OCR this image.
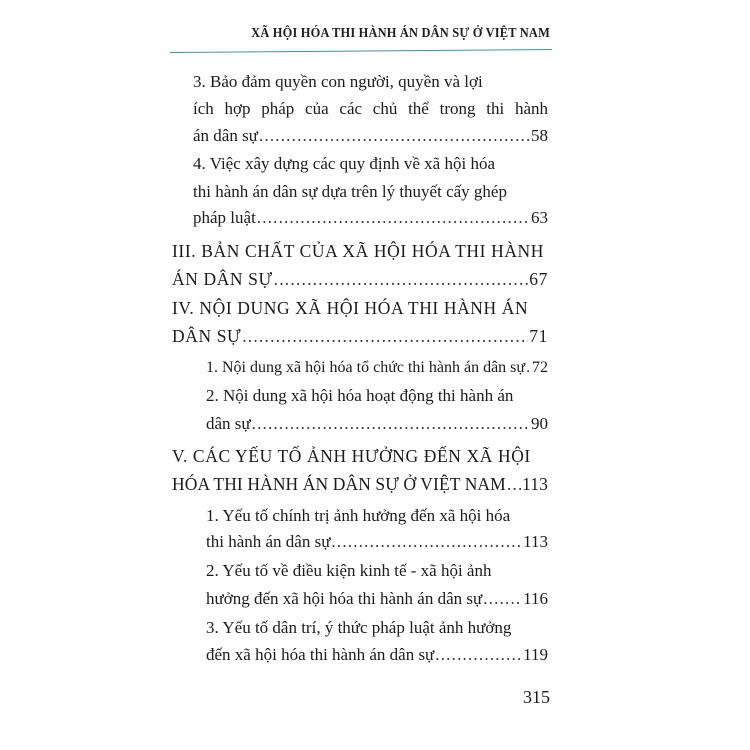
XÃ HỘI HÓA THI HÀNH ÁN DÂN SỰ Ở VIỆT NAM
3. Bảo đảm quyền con người, quyền và lợi
ích hợp pháp của các chủ thể trong thi hành
án dân sự .....	58
4. Việc xây dựng các quy định về xã hội hóa
thi hành án dân sự dựa trên lý thuyết cấy ghép
pháp luật .....	63
III. BẢN CHẤT CỦA XÃ HỘI HÓA THI HÀNH
ÁN DÂN SỰ .....	67
IV. NỘI DUNG XÃ HỘI HÓA THI HÀNH ÁN
DÂN SỰ .....	71
1. Nội dung xã hội hóa tổ chức thi hành án dân sự ..... 72
2. Nội dung xã hội hóa hoạt động thi hành án
dân sự .....	90
V. CÁC YẾU TỐ ẢNH HƯỞNG ĐẾN XÃ HỘI
HÓA THI HÀNH ÁN DÂN SỰ Ở VIỆT NAM ..... 113
1. Yếu tố chính trị ảnh hưởng đến xã hội hóa
thi hành án dân sự .....	113
2. Yếu tố về điều kiện kinh tế - xã hội ảnh
hưởng đến xã hội hóa thi hành án dân sự ..... 116
3. Yếu tố dân trí, ý thức pháp luật ảnh hưởng
đến xã hội hóa thi hành án dân sự .....	119
315
